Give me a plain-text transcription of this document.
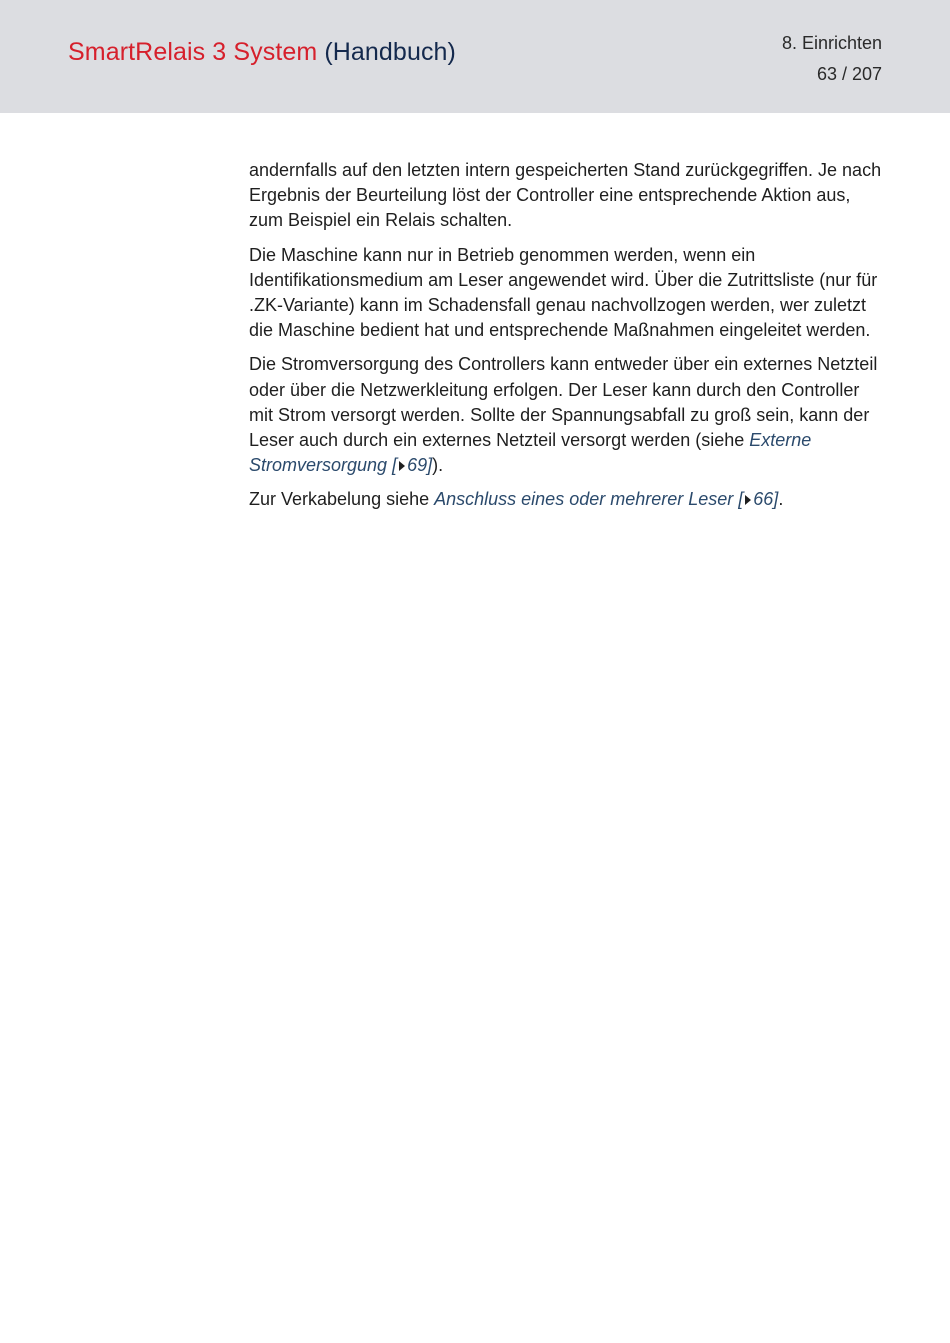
SmartRelais 3 System (Handbuch)	8. Einrichten
63 / 207

andernfalls auf den letzten intern gespeicherten Stand zurückgegriffen. Je nach Ergebnis der Beurteilung löst der Controller eine entsprechende Aktion aus, zum Beispiel ein Relais schalten.

Die Maschine kann nur in Betrieb genommen werden, wenn ein Identifikationsmedium am Leser angewendet wird. Über die Zutrittsliste (nur für .ZK-Variante) kann im Schadensfall genau nachvollzogen werden, wer zuletzt die Maschine bedient hat und entsprechende Maßnahmen eingeleitet werden.

Die Stromversorgung des Controllers kann entweder über ein externes Netzteil oder über die Netzwerkleitung erfolgen. Der Leser kann durch den Controller mit Strom versorgt werden. Sollte der Spannungsabfall zu groß sein, kann der Leser auch durch ein externes Netzteil versorgt werden (siehe Externe Stromversorgung [ 69]).

Zur Verkabelung siehe Anschluss eines oder mehrerer Leser [ 66].
